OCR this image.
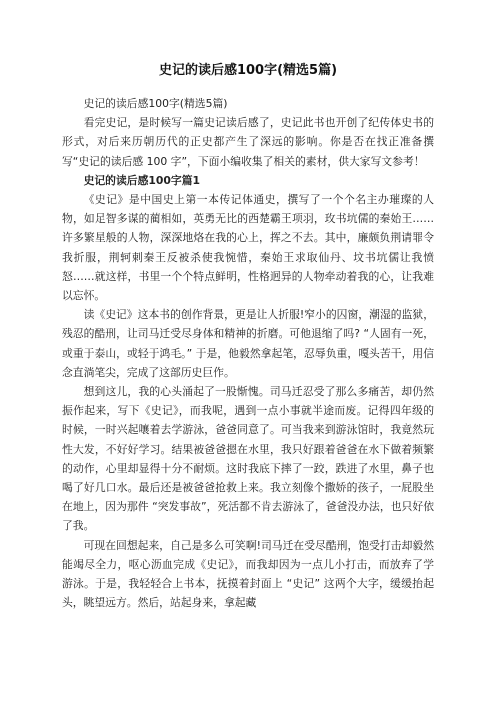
史记的读后感100字(精选5篇)

史记的读后感100字(精选5篇)

看完史记，是时候写一篇史记读后感了，史记此书也开创了纪传体史书的形式，对后来历朝历代的正史都产生了深远的影响。你是否在找正准备撰写“史记的读后感 100 字”，下面小编收集了相关的素材，供大家写文参考！

史记的读后感100字篇1

《史记》是中国史上第一本传记体通史，撰写了一个个名主办璀璨的人物，如足智多谋的蔺相如，英勇无比的西楚霸王项羽，玫书坑儒的秦始王……许多繁星般的人物，深深地烙在我的心上，挥之不去。其中，廉颇负荆请罪令我折服，荆轲刺秦王反被杀使我惋惜，秦始王求取仙丹、坟书坑儒让我愤怒……就这样，书里一个个特点鲜明，性格迥异的人物牵动着我的心，让我难以忘怀。

读《史记》这本书的创作背景，更是让人折服!窄小的囚窗，潮湿的监狱，残忍的酷刑，让司马迁受尽身体和精神的折磨。可他退缩了吗? “人固有一死，或重于泰山，或轻于鸿毛。” 于是，他毅然拿起笔，忍辱负重，嘎头苦干，用信念直淌笔尖，完成了这部历史巨作。

想到这儿，我的心头涌起了一股惭愧。司马迁忍受了那么多痛苦，却仍然振作起来，写下《史记》，而我呢，遇到一点小事就半途而废。记得四年级的时候，一时兴起嚷着去学游泳，爸爸同意了。可当我来到游泳馆时，我竟然玩性大发，不好好学习。结果被爸爸摁在水里，我只好跟着爸爸在水下做着频繁的动作，心里却显得十分不耐烦。这时我底下摔了一跤，跌进了水里，鼻子也喝了好几口水。最后还是被爸爸抢救上来。我立刻像个撒娇的孩子，一屁股坐在地上，因为那件 “突发事故”，死活都不肯去游泳了，爸爸没办法，也只好依了我。

可现在回想起来，自己是多么可笑啊!司马迁在受尽酷刑，饱受打击却毅然能竭尽全力，呕心沥血完成《史记》，而我却因为一点儿小打击，而放弃了学游泳。于是，我轻轻合上书本，抚摸着封面上 “史记” 这两个大字，缓缓抬起头，眺望远方。然后，站起身来，拿起藏
